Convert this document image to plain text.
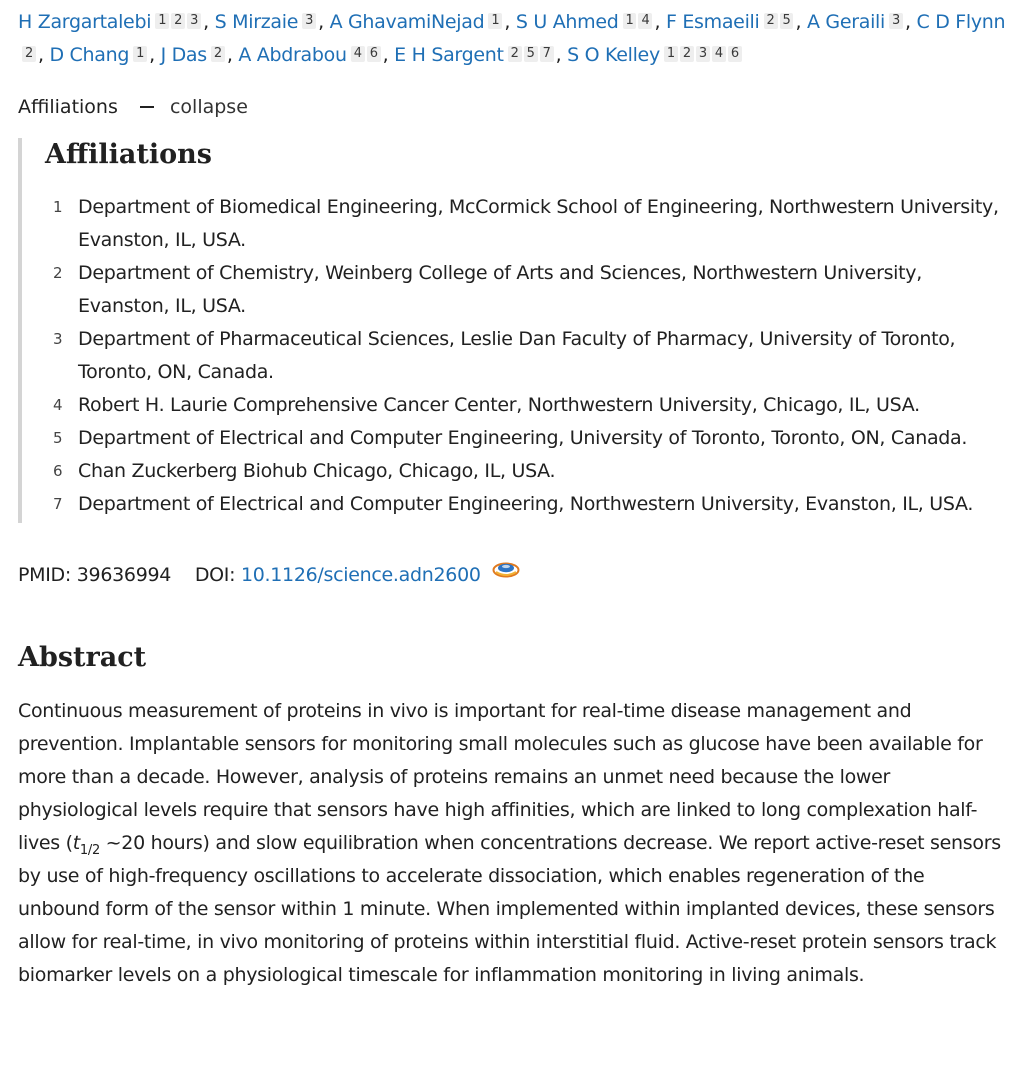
H Zargartalebi 1 2 3 , S Mirzaie 3 , A GhavamiNejad 1 , S U Ahmed 1 4 , F Esmaeili 2 5 , A Geraili 3 , C D Flynn2 , D Chang 1 , J Das 2 , A Abdrabou 4 6 , E H Sargent 2 5 7 , S O Kelley 1 2 3 4 6
Affiliations	collapse
Affiliations
1 Department of Biomedical Engineering, McCormick School of Engineering, Northwestern University, Evanston, IL, USA.
2 Department of Chemistry, Weinberg College of Arts and Sciences, Northwestern University, Evanston, IL, USA.
3 Department of Pharmaceutical Sciences, Leslie Dan Faculty of Pharmacy, University of Toronto, Toronto, ON, Canada.
4 Robert H. Laurie Comprehensive Cancer Center, Northwestern University, Chicago, IL, USA.
5 Department of Electrical and Computer Engineering, University of Toronto, Toronto, ON, Canada.
6 Chan Zuckerberg Biohub Chicago, Chicago, IL, USA.
7 Department of Electrical and Computer Engineering, Northwestern University, Evanston, IL, USA.
PMID: 39636994 DOI: 10.1126/science.adn2600
Abstract
Continuous measurement of proteins in vivo is important for real-time disease management and prevention. Implantable sensors for monitoring small molecules such as glucose have been available for more than a decade. However, analysis of proteins remains an unmet need because the lower physiological levels require that sensors have high affinities, which are linked to long complexation half-lives ($t_{1/2}$ ~20 hours) and slow equilibration when concentrations decrease. We report active-reset sensors by use of high-frequency oscillations to accelerate dissociation, which enables regeneration of the unbound form of the sensor within 1 minute. When implemented within implanted devices, these sensors allow for real-time, in vivo monitoring of proteins within interstitial fluid. Active-reset protein sensors track biomarker levels on a physiological timescale for inflammation monitoring in living animals.
